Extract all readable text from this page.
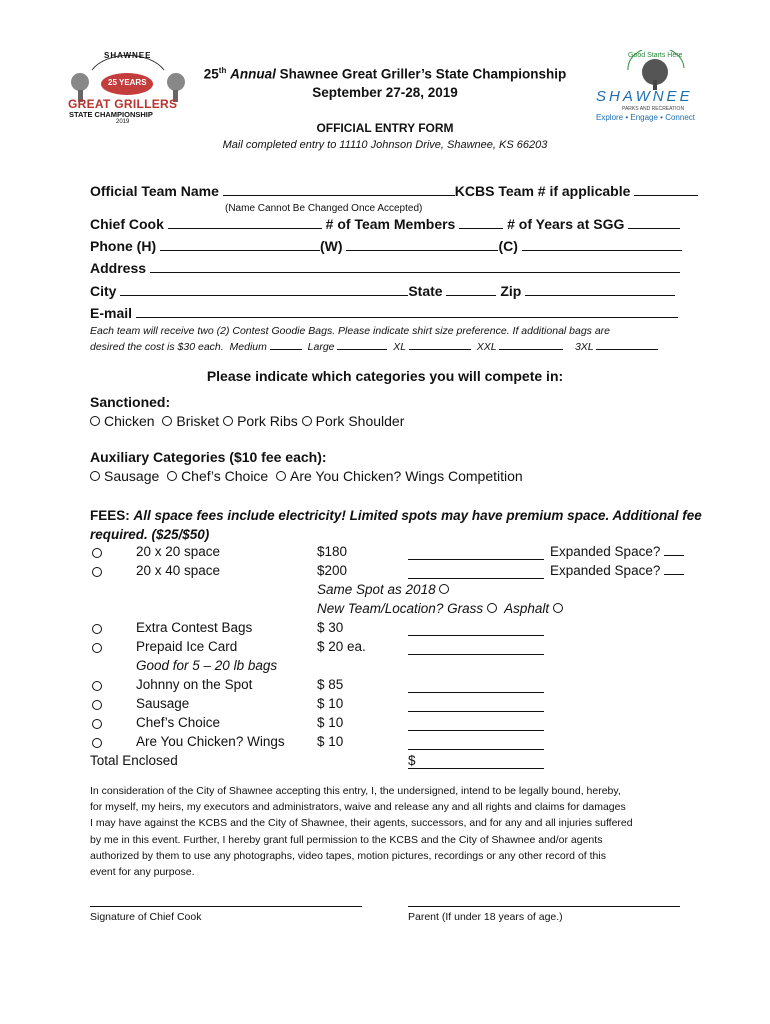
SHAWNEE
25 YEARS
GREAT GRILLERS
STATE CHAMPIONSHIP
2019
25th Annual Shawnee Great Griller’s State Championship
September 27-28, 2019
OFFICIAL ENTRY FORM
Mail completed entry to 11110 Johnson Drive, Shawnee, KS 66203
Good Starts Here
SHAWNEE
PARKS AND RECREATION
Explore • Engage • Connect
Official Team Name	KCBS Team # if applicable
(Name Cannot Be Changed Once Accepted)
Chief Cook	# of Team Members	# of Years at SGG
Phone (H)	(W)	(C)
Address
City	State	Zip
E-mail
Each team will receive two (2) Contest Goodie Bags. Please indicate shirt size preference. If additional bags are
desired the cost is $30 each. Medium	Large	XL	XXL	3XL
Please indicate which categories you will compete in:
Sanctioned:
Chicken Brisket Pork Ribs Pork Shoulder
Auxiliary Categories ($10 fee each):
Sausage Chef’s Choice Are You Chicken? Wings Competition
FEES: All space fees include electricity! Limited spots may have premium space. Additional fee
required. ($25/$50)
20 x 20 space	$180	Expanded Space?
20 x 40 space	$200	Expanded Space?
Same Spot as 2018
New Team/Location? Grass Asphalt
Extra Contest Bags	$ 30
Prepaid Ice Card	$ 20 ea.
Good for 5 – 20 lb bags
Johnny on the Spot	$ 85
Sausage	$ 10
Chef’s Choice	$ 10
Are You Chicken? Wings $ 10
Total Enclosed	$
In consideration of the City of Shawnee accepting this entry, I, the undersigned, intend to be legally bound, hereby,
for myself, my heirs, my executors and administrators, waive and release any and all rights and claims for damages
I may have against the KCBS and the City of Shawnee, their agents, successors, and for any and all injuries suffered
by me in this event. Further, I hereby grant full permission to the KCBS and the City of Shawnee and/or agents
authorized by them to use any photographs, video tapes, motion pictures, recordings or any other record of this
event for any purpose.
Signature of Chief Cook	Parent (If under 18 years of age.)
